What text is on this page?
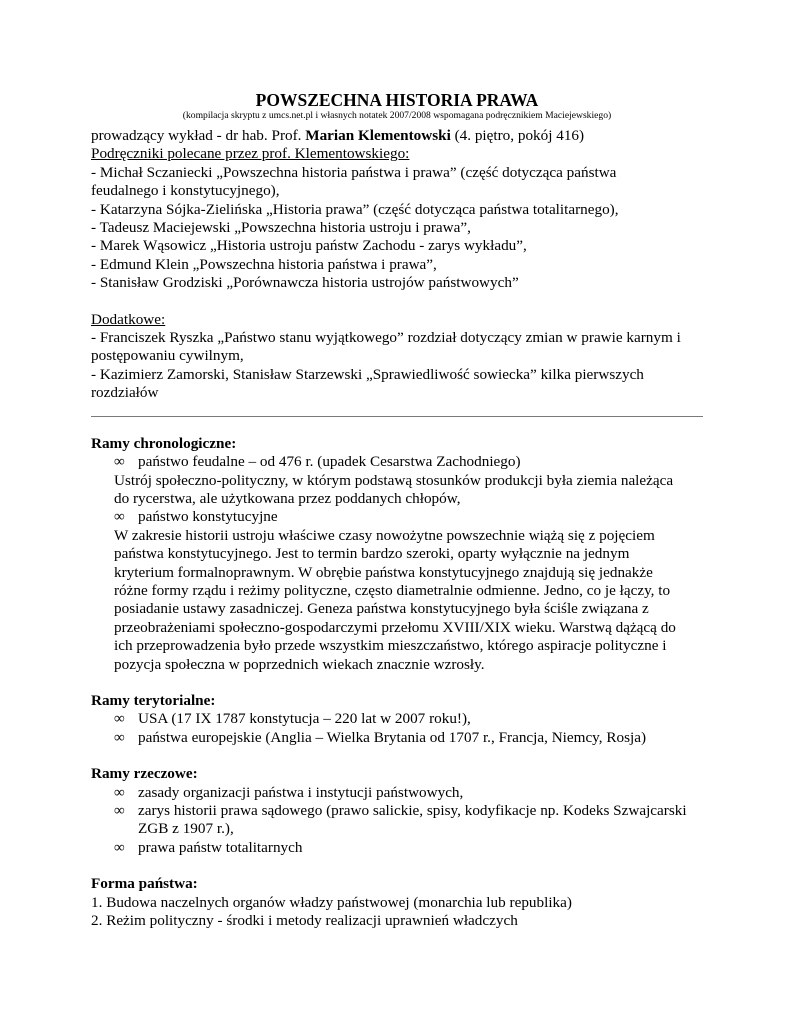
POWSZECHNA HISTORIA PRAWA

(kompilacja skryptu z umcs.net.pl i własnych notatek 2007/2008 wspomagana podręcznikiem Maciejewskiego)

prowadzący wykład - dr hab. Prof. Marian Klementowski (4. piętro, pokój 416)

Podręczniki polecane przez prof. Klementowskiego:

- Michał Sczaniecki „Powszechna historia państwa i prawa” (część dotycząca państwa

feudalnego i konstytucyjnego),

- Katarzyna Sójka-Zielińska „Historia prawa” (część dotycząca państwa totalitarnego),

- Tadeusz Maciejewski „Powszechna historia ustroju i prawa”,

- Marek Wąsowicz „Historia ustroju państw Zachodu - zarys wykładu”,

- Edmund Klein „Powszechna historia państwa i prawa”,

- Stanisław Grodziski „Porównawcza historia ustrojów państwowych”

Dodatkowe:

- Franciszek Ryszka „Państwo stanu wyjątkowego” rozdział dotyczący zmian w prawie karnym i

postępowaniu cywilnym,

- Kazimierz Zamorski, Stanisław Starzewski „Sprawiedliwość sowiecka” kilka pierwszych

rozdziałów

Ramy chronologiczne:

∞ państwo feudalne – od 476 r. (upadek Cesarstwa Zachodniego)

Ustrój społeczno-polityczny, w którym podstawą stosunków produkcji była ziemia należąca

do rycerstwa, ale użytkowana przez poddanych chłopów,

∞ państwo konstytucyjne

W zakresie historii ustroju właściwe czasy nowożytne powszechnie wiążą się z pojęciem

państwa konstytucyjnego. Jest to termin bardzo szeroki, oparty wyłącznie na jednym

kryterium formalnoprawnym. W obrębie państwa konstytucyjnego znajdują się jednakże

różne formy rządu i reżimy polityczne, często diametralnie odmienne. Jedno, co je łączy, to

posiadanie ustawy zasadniczej. Geneza państwa konstytucyjnego była ściśle związana z

przeobrażeniami społeczno-gospodarczymi przełomu XVIII/XIX wieku. Warstwą dążącą do

ich przeprowadzenia było przede wszystkim mieszczaństwo, którego aspiracje polityczne i

pozycja społeczna w poprzednich wiekach znacznie wzrosły.

Ramy terytorialne:

∞ USA (17 IX 1787 konstytucja – 220 lat w 2007 roku!),

∞ państwa europejskie (Anglia – Wielka Brytania od 1707 r., Francja, Niemcy, Rosja)

Ramy rzeczowe:

∞ zasady organizacji państwa i instytucji państwowych,

∞ zarys historii prawa sądowego (prawo salickie, spisy, kodyfikacje np. Kodeks Szwajcarski

ZGB z 1907 r.),

∞ prawa państw totalitarnych

Forma państwa:

1. Budowa naczelnych organów władzy państwowej (monarchia lub republika)

2. Reżim polityczny - środki i metody realizacji uprawnień władczych
